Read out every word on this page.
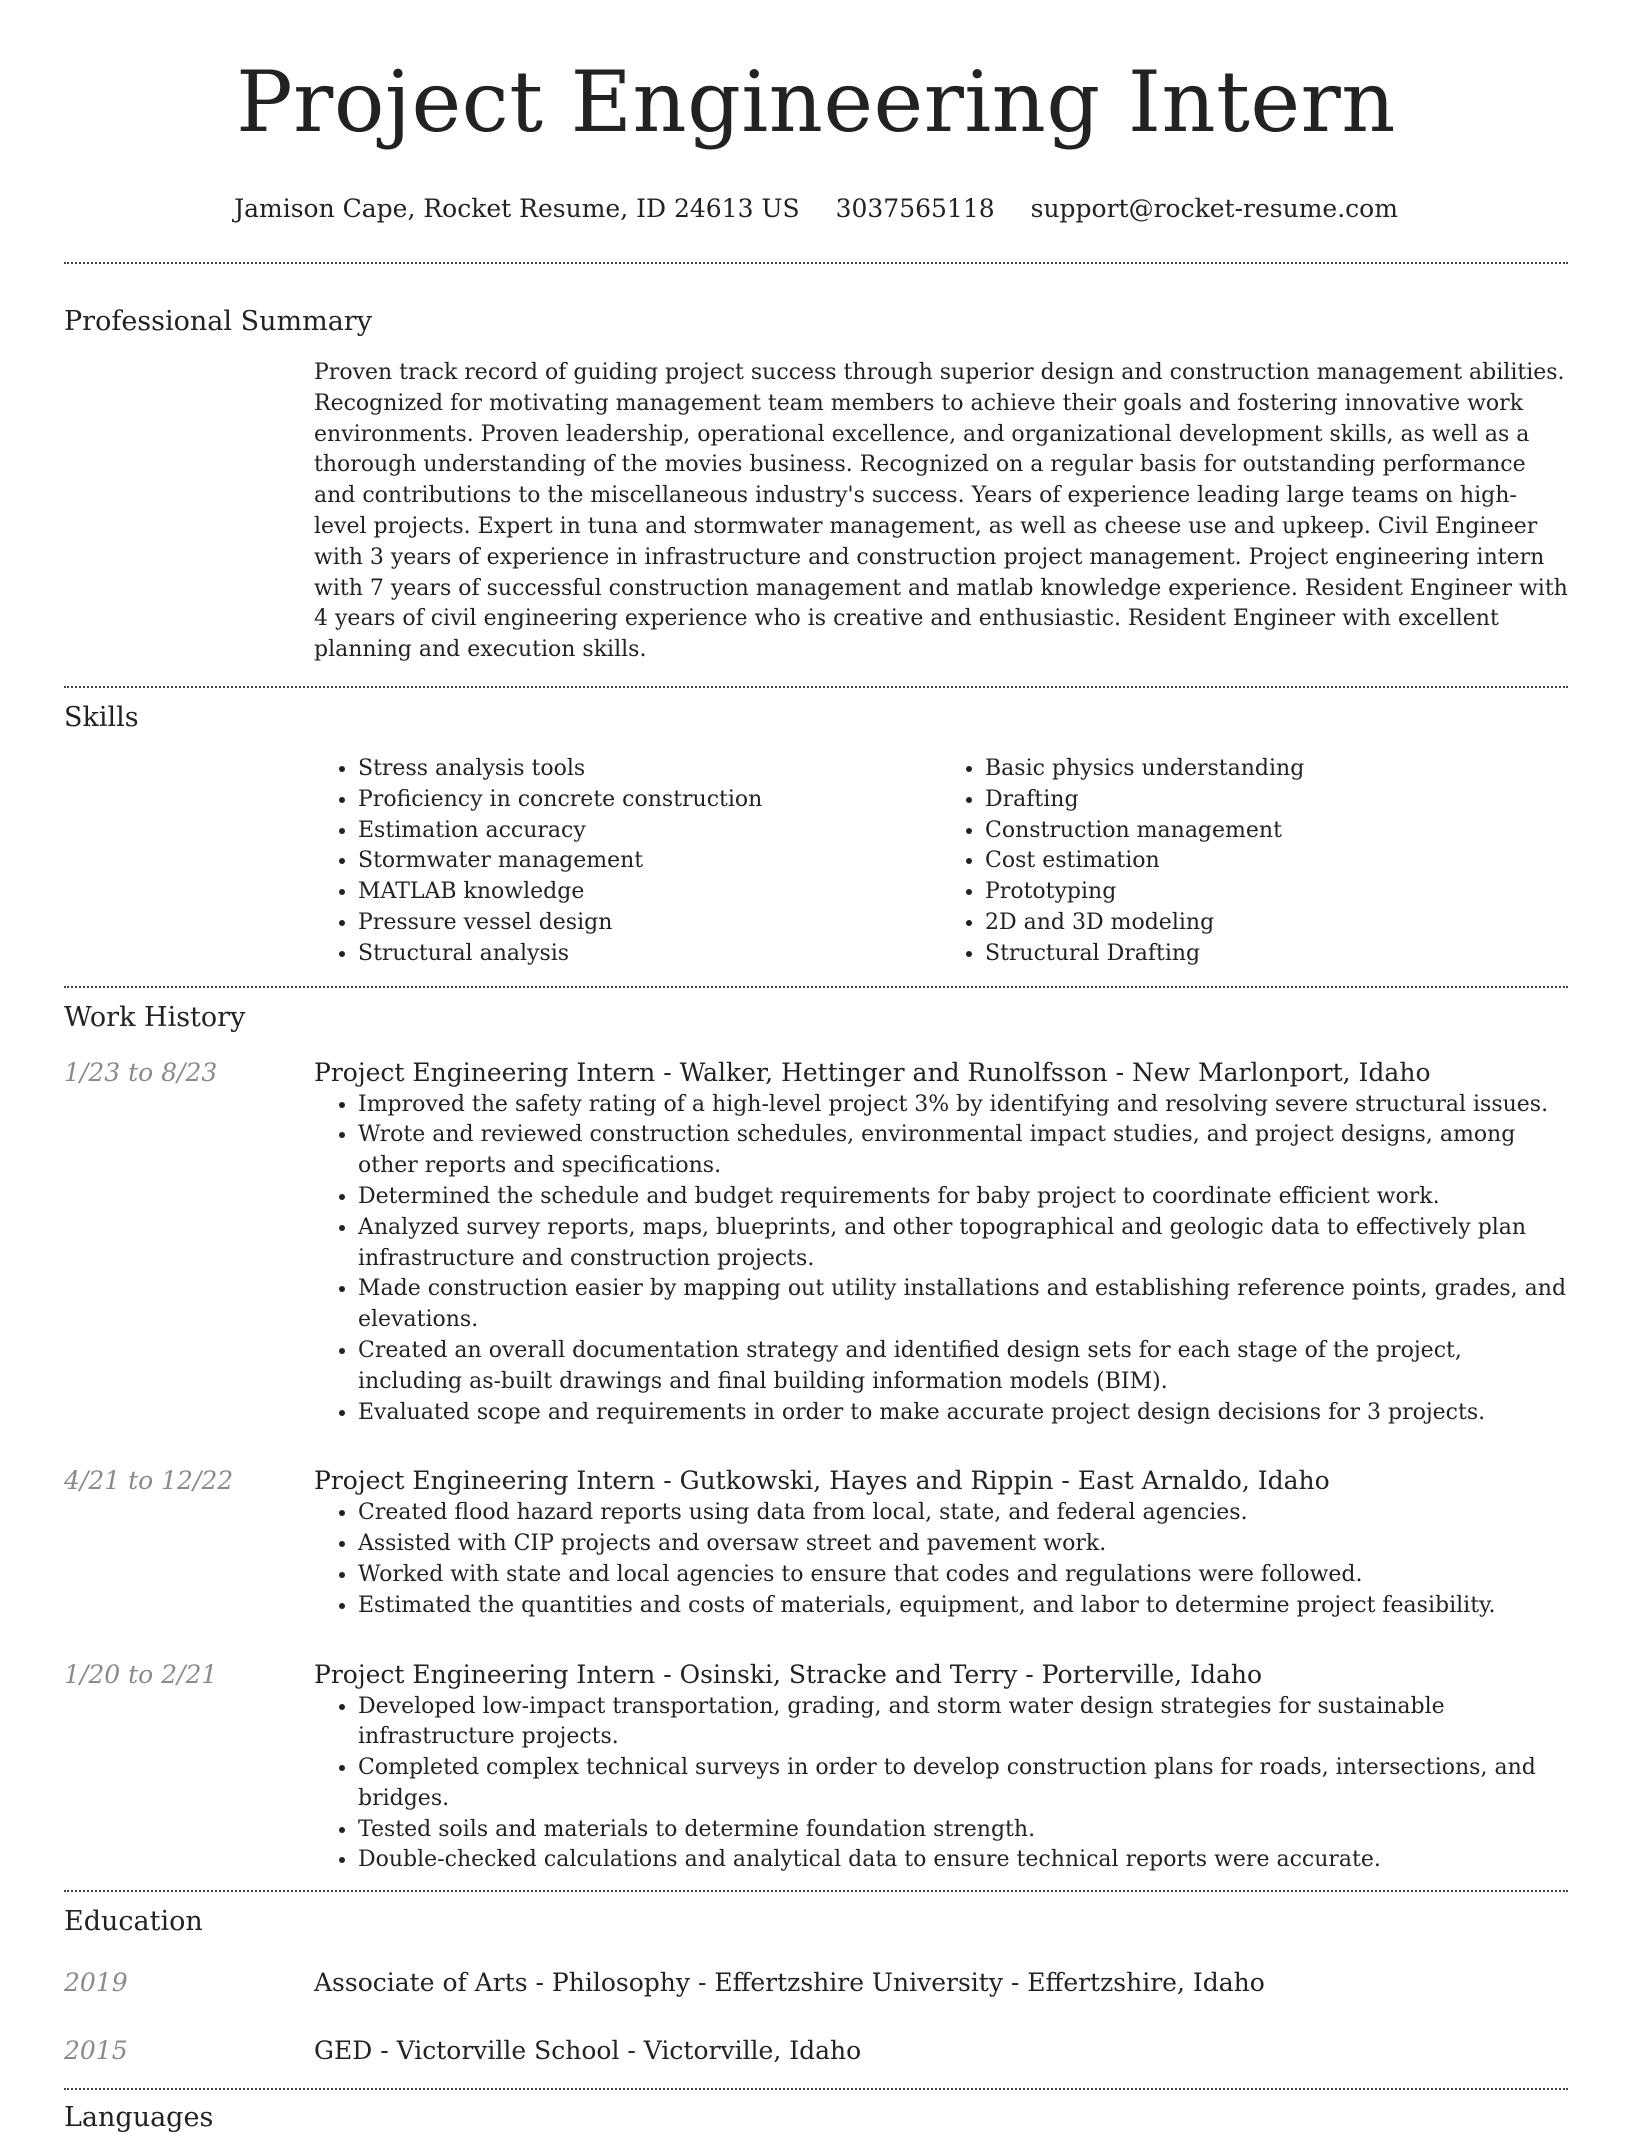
Project Engineering Intern
Jamison Cape, Rocket Resume, ID 24613 US 3037565118 support@rocket-resume.com
Professional Summary

Proven track record of guiding project success through superior design and construction management abilities. Recognized for motivating management team members to achieve their goals and fostering innovative work environments. Proven leadership, operational excellence, and organizational development skills, as well as a thorough understanding of the movies business. Recognized on a regular basis for outstanding performance and contributions to the miscellaneous industry's success. Years of experience leading large teams on high-level projects. Expert in tuna and stormwater management, as well as cheese use and upkeep. Civil Engineer with 3 years of experience in infrastructure and construction project management. Project engineering intern with 7 years of successful construction management and matlab knowledge experience. Resident Engineer with 4 years of civil engineering experience who is creative and enthusiastic. Resident Engineer with excellent planning and execution skills.

Skills
• Stress analysis tools
• Proficiency in concrete construction
• Estimation accuracy
• Stormwater management
• MATLAB knowledge
• Pressure vessel design
• Structural analysis
• Basic physics understanding
• Drafting
• Construction management
• Cost estimation
• Prototyping
• 2D and 3D modeling
• Structural Drafting
Work History
1/23 to 8/23	Project Engineering Intern - Walker, Hettinger and Runolfsson - New Marlonport, Idaho

• Improved the safety rating of a high-level project 3% by identifying and resolving severe structural issues.
• Wrote and reviewed construction schedules, environmental impact studies, and project designs, among other reports and specifications.
• Determined the schedule and budget requirements for baby project to coordinate efficient work.
• Analyzed survey reports, maps, blueprints, and other topographical and geologic data to effectively plan infrastructure and construction projects.
• Made construction easier by mapping out utility installations and establishing reference points, grades, and elevations.
• Created an overall documentation strategy and identified design sets for each stage of the project, including as-built drawings and final building information models (BIM).
• Evaluated scope and requirements in order to make accurate project design decisions for 3 projects.
4/21 to 12/22	Project Engineering Intern - Gutkowski, Hayes and Rippin - East Arnaldo, Idaho

• Created flood hazard reports using data from local, state, and federal agencies.
• Assisted with CIP projects and oversaw street and pavement work.
• Worked with state and local agencies to ensure that codes and regulations were followed.
• Estimated the quantities and costs of materials, equipment, and labor to determine project feasibility.
1/20 to 2/21	Project Engineering Intern - Osinski, Stracke and Terry - Porterville, Idaho

• Developed low-impact transportation, grading, and storm water design strategies for sustainable infrastructure projects.
• Completed complex technical surveys in order to develop construction plans for roads, intersections, and bridges.
• Tested soils and materials to determine foundation strength.
• Double-checked calculations and analytical data to ensure technical reports were accurate.
Education
2019	Associate of Arts - Philosophy - Effertzshire University - Effertzshire, Idaho

2015	GED - Victorville School - Victorville, Idaho

Languages
